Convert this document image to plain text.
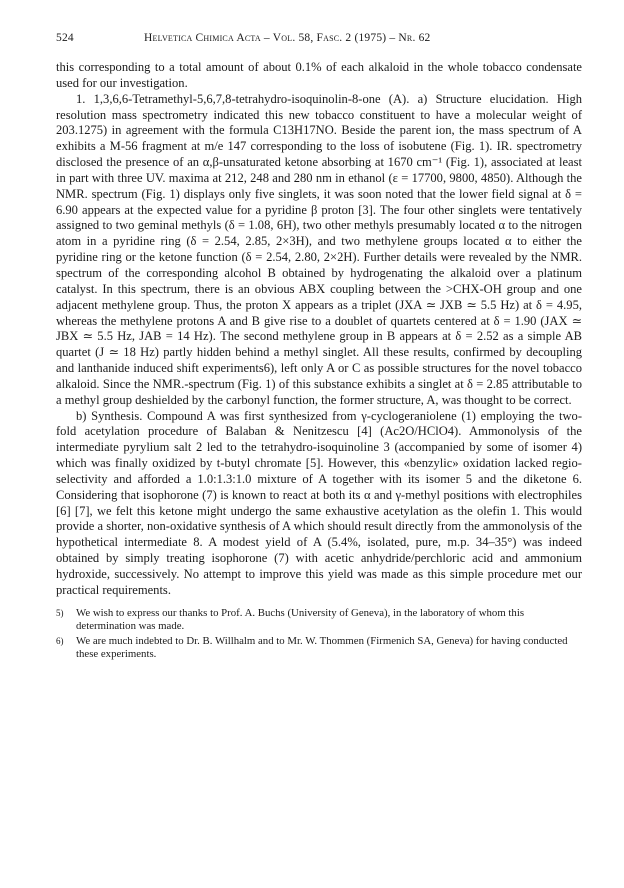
524	Helvetica Chimica Acta – Vol. 58, Fasc. 2 (1975) – Nr. 62

this corresponding to a total amount of about 0.1% of each alkaloid in the whole tobacco condensate used for our investigation.

1. 1,3,6,6-Tetramethyl-5,6,7,8-tetrahydro-isoquinolin-8-one (A). a) Structure elucidation. High resolution mass spectrometry indicated this new tobacco constituent to have a molecular weight of 203.1275) in agreement with the formula C13H17NO. Beside the parent ion, the mass spectrum of A exhibits a M-56 fragment at m/e 147 corresponding to the loss of isobutene (Fig. 1). IR. spectrometry disclosed the presence of an α,β-unsaturated ketone absorbing at 1670 cm⁻¹ (Fig. 1), associated at least in part with three UV. maxima at 212, 248 and 280 nm in ethanol (ε = 17700, 9800, 4850). Although the NMR. spectrum (Fig. 1) displays only five singlets, it was soon noted that the lower field signal at δ = 6.90 appears at the expected value for a pyridine β proton [3]. The four other singlets were tentatively assigned to two geminal methyls (δ = 1.08, 6H), two other methyls presumably located α to the nitrogen atom in a pyridine ring (δ = 2.54, 2.85, 2×3H), and two methylene groups located α to either the pyridine ring or the ketone function (δ = 2.54, 2.80, 2×2H). Further details were revealed by the NMR. spectrum of the corresponding alcohol B obtained by hydrogenating the alkaloid over a platinum catalyst. In this spectrum, there is an obvious ABX coupling between the >CHX-OH group and one adjacent methylene group. Thus, the proton X appears as a triplet (JXA ≃ JXB ≃ 5.5 Hz) at δ = 4.95, whereas the methylene protons A and B give rise to a doublet of quartets centered at δ = 1.90 (JAX ≃ JBX ≃ 5.5 Hz, JAB = 14 Hz). The second methylene group in B appears at δ = 2.52 as a simple AB quartet (J ≃ 18 Hz) partly hidden behind a methyl singlet. All these results, confirmed by decoupling and lanthanide induced shift experiments6), left only A or C as possible structures for the novel tobacco alkaloid. Since the NMR.-spectrum (Fig. 1) of this substance exhibits a singlet at δ = 2.85 attributable to a methyl group deshielded by the carbonyl function, the former structure, A, was thought to be correct.

b) Synthesis. Compound A was first synthesized from γ-cyclogeraniolene (1) employing the two-fold acetylation procedure of Balaban & Nenitzescu [4] (Ac2O/HClO4). Ammonolysis of the intermediate pyrylium salt 2 led to the tetrahydro-isoquinoline 3 (accompanied by some of isomer 4) which was finally oxidized by t-butyl chromate [5]. However, this «benzylic» oxidation lacked regio-selectivity and afforded a 1.0:1.3:1.0 mixture of A together with its isomer 5 and the diketone 6. Considering that isophorone (7) is known to react at both its α and γ-methyl positions with electrophiles [6] [7], we felt this ketone might undergo the same exhaustive acetylation as the olefin 1. This would provide a shorter, non-oxidative synthesis of A which should result directly from the ammonolysis of the hypothetical intermediate 8. A modest yield of A (5.4%, isolated, pure, m.p. 34–35°) was indeed obtained by simply treating isophorone (7) with acetic anhydride/perchloric acid and ammonium hydroxide, successively. No attempt to improve this yield was made as this simple procedure met our practical requirements.

5)	We wish to express our thanks to Prof. A. Buchs (University of Geneva), in the laboratory of whom this determination was made.
6)	We are much indebted to Dr. B. Willhalm and to Mr. W. Thommen (Firmenich SA, Geneva) for having conducted these experiments.
